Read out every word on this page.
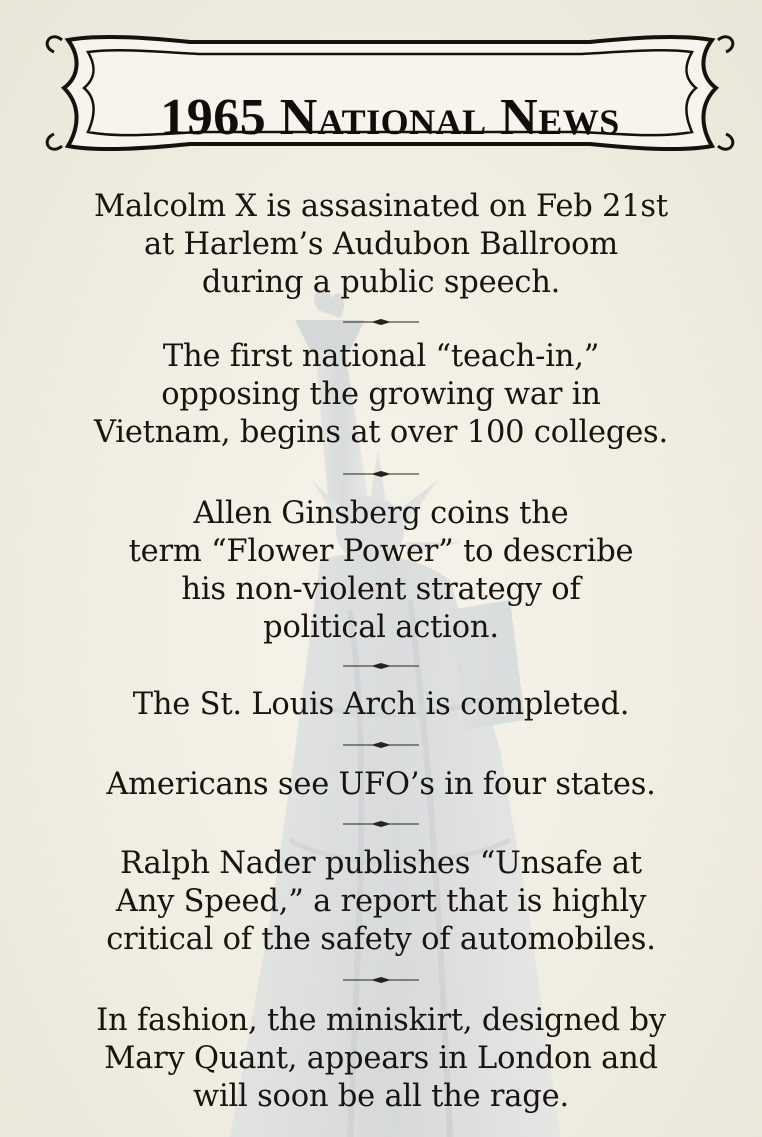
1965 National News
Malcolm X is assasinated on Feb 21st
at Harlem’s Audubon Ballroom
during a public speech.
The first national “teach-in,”
opposing the growing war in
Vietnam, begins at over 100 colleges.
Allen Ginsberg coins the
term “Flower Power” to describe
his non-violent strategy of
political action.
The St. Louis Arch is completed.
Americans see UFO’s in four states.
Ralph Nader publishes “Unsafe at
Any Speed,” a report that is highly
critical of the safety of automobiles.
In fashion, the miniskirt, designed by
Mary Quant, appears in London and
will soon be all the rage.
